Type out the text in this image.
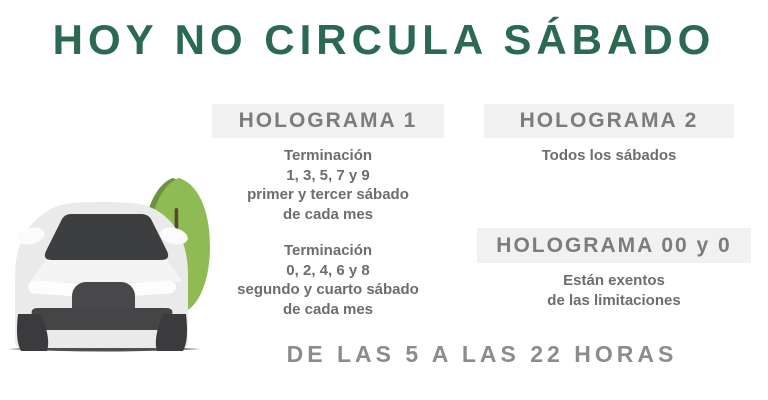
HOY NO CIRCULA SÁBADO
HOLOGRAMA 1
Terminación
1, 3, 5, 7 y 9
primer y tercer sábado
de cada mes
Terminación
0, 2, 4, 6 y 8
segundo y cuarto sábado
de cada mes
HOLOGRAMA 2
Todos los sábados
HOLOGRAMA 00 y 0
Están exentos
de las limitaciones
DE LAS 5 A LAS 22 HORAS
